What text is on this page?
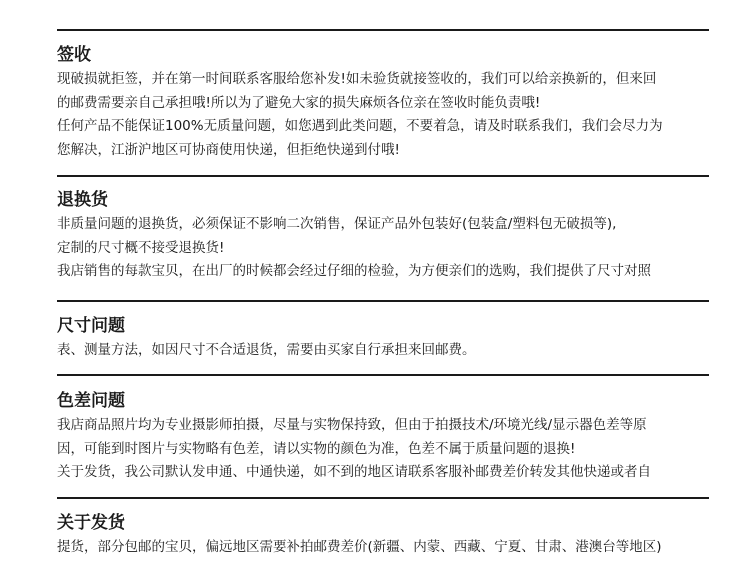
签收
现破损就拒签，并在第一时间联系客服给您补发!如未验货就接签收的，我们可以给亲换新的，但来回
的邮费需要亲自己承担哦!所以为了避免大家的损失麻烦各位亲在签收时能负责哦!
任何产品不能保证100%无质量问题，如您遇到此类问题，不要着急，请及时联系我们，我们会尽力为
您解决，江浙沪地区可协商使用快递，但拒绝快递到付哦!
退换货
非质量问题的退换货，必须保证不影响二次销售，保证产品外包装好(包装盒/塑料包无破损等),
定制的尺寸概不接受退换货!
我店销售的每款宝贝，在出厂的时候都会经过仔细的检验，为方便亲们的选购，我们提供了尺寸对照
尺寸问题
表、测量方法，如因尺寸不合适退货，需要由买家自行承担来回邮费。
色差问题
我店商品照片均为专业摄影师拍摄，尽量与实物保持致，但由于拍摄技术/环境光线/显示器色差等原
因，可能到时图片与实物略有色差，请以实物的颜色为准，色差不属于质量问题的退换!
关于发货，我公司默认发申通、中通快递，如不到的地区请联系客服补邮费差价转发其他快递或者自
关于发货
提货，部分包邮的宝贝，偏远地区需要补拍邮费差价(新疆、内蒙、西藏、宁夏、甘肃、港澳台等地区)
